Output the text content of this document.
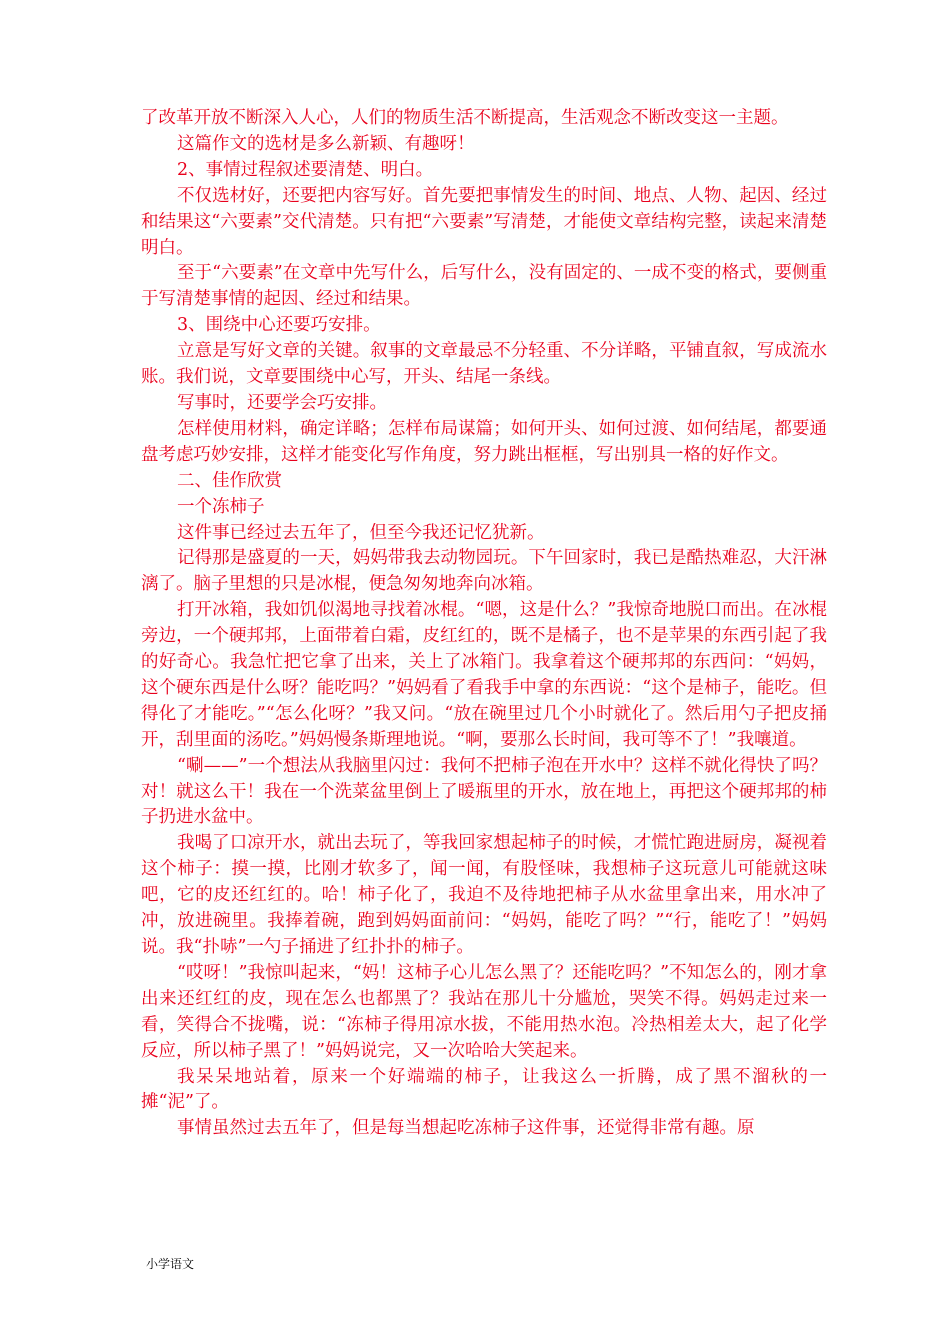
了改革开放不断深入人心，人们的物质生活不断提高，生活观念不断改变这一主题。

这篇作文的选材是多么新颖、有趣呀！

2、事情过程叙述要清楚、明白。

不仅选材好，还要把内容写好。首先要把事情发生的时间、地点、人物、起因、经过和结果这“六要素”交代清楚。只有把“六要素”写清楚，才能使文章结构完整，读起来清楚明白。

至于“六要素”在文章中先写什么，后写什么，没有固定的、一成不变的格式，要侧重于写清楚事情的起因、经过和结果。

3、围绕中心还要巧安排。

立意是写好文章的关键。叙事的文章最忌不分轻重、不分详略，平铺直叙，写成流水账。我们说，文章要围绕中心写，开头、结尾一条线。

写事时，还要学会巧安排。

怎样使用材料，确定详略；怎样布局谋篇；如何开头、如何过渡、如何结尾，都要通盘考虑巧妙安排，这样才能变化写作角度，努力跳出框框，写出别具一格的好作文。

二、佳作欣赏

一个冻柿子

这件事已经过去五年了，但至今我还记忆犹新。

记得那是盛夏的一天，妈妈带我去动物园玩。下午回家时，我已是酷热难忍，大汗淋漓了。脑子里想的只是冰棍，便急匆匆地奔向冰箱。

打开冰箱，我如饥似渴地寻找着冰棍。“嗯，这是什么？”我惊奇地脱口而出。在冰棍旁边，一个硬邦邦，上面带着白霜，皮红红的，既不是橘子，也不是苹果的东西引起了我的好奇心。我急忙把它拿了出来，关上了冰箱门。我拿着这个硬邦邦的东西问：“妈妈，这个硬东西是什么呀？能吃吗？”妈妈看了看我手中拿的东西说：“这个是柿子，能吃。但得化了才能吃。”“怎么化呀？”我又问。“放在碗里过几个小时就化了。然后用勺子把皮捅开，刮里面的汤吃。”妈妈慢条斯理地说。“啊，要那么长时间，我可等不了！”我嚷道。

“唰——”一个想法从我脑里闪过：我何不把柿子泡在开水中？这样不就化得快了吗？对！就这么干！我在一个洗菜盆里倒上了暖瓶里的开水，放在地上，再把这个硬邦邦的柿子扔进水盆中。

我喝了口凉开水，就出去玩了，等我回家想起柿子的时候，才慌忙跑进厨房，凝视着这个柿子：摸一摸，比刚才软多了，闻一闻，有股怪味，我想柿子这玩意儿可能就这味吧，它的皮还红红的。哈！柿子化了，我迫不及待地把柿子从水盆里拿出来，用水冲了冲，放进碗里。我捧着碗，跑到妈妈面前问：“妈妈，能吃了吗？”“行，能吃了！”妈妈说。我“扑哧”一勺子捅进了红扑扑的柿子。

“哎呀！”我惊叫起来，“妈！这柿子心儿怎么黑了？还能吃吗？”不知怎么的，刚才拿出来还红红的皮，现在怎么也都黑了？我站在那儿十分尴尬，哭笑不得。妈妈走过来一看，笑得合不拢嘴，说：“冻柿子得用凉水拔，不能用热水泡。冷热相差太大，起了化学反应，所以柿子黑了！”妈妈说完，又一次哈哈大笑起来。

我呆呆地站着，原来一个好端端的柿子，让我这么一折腾，成了黑不溜秋的一摊“泥”了。

事情虽然过去五年了，但是每当想起吃冻柿子这件事，还觉得非常有趣。原

小学语文
